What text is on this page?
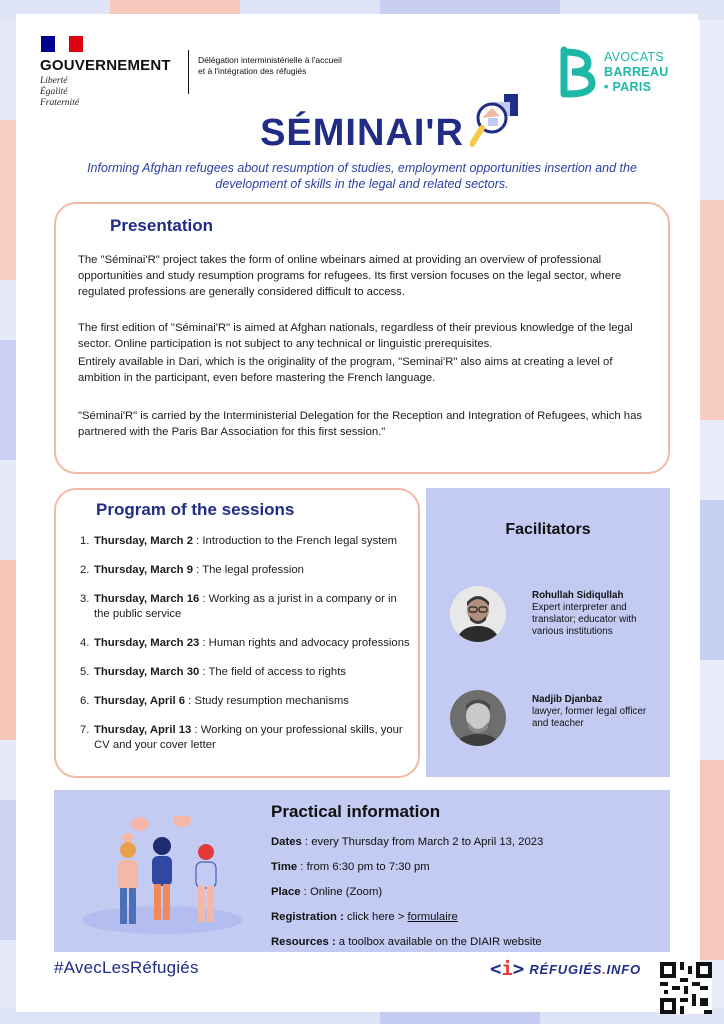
GOUVERNEMENT
Liberté
Égalité
Fraternité
Délégation interministérielle à l'accueil et à l'intégration des réfugiés
AVOCATS
BARREAU
• PARIS
SÉMINAI'R
Informing Afghan refugees about resumption of studies, employment opportunities insertion and the development of skills in the legal and related sectors.
Presentation
The "Séminai'R" project takes the form of online wbeinars aimed at providing an overview of professional opportunities and study resumption programs for refugees. Its first version focuses on the legal sector, where regulated professions are generally considered difficult to access.
The first edition of "Séminai'R" is aimed at Afghan nationals, regardless of their previous knowledge of the legal sector. Online participation is not subject to any technical or linguistic prerequisites.
Entirely available in Dari, which is the originality of the program, "Seminai'R" also aims at creating a level of ambition in the participant, even before mastering the French language.
"Séminai'R" is carried by the Interministerial Delegation for the Reception and Integration of Refugees, which has partnered with the Paris Bar Association for this first session."
Program of the sessions
1. Thursday, March 2 : Introduction to the French legal system
2. Thursday, March 9 : The legal profession
3. Thursday, March 16 : Working as a jurist in a company or in the public service
4. Thursday, March 23 : Human rights and advocacy professions
5. Thursday, March 30 : The field of access to rights
6. Thursday, April 6 : Study resumption mechanisms
7. Thursday, April 13 : Working on your professional skills, your CV and your cover letter
Facilitators
Rohullah Sidiqullah
Expert interpreter and translator; educator with various institutions
Nadjib Djanbaz
lawyer, former legal officer and teacher
Practical information
Dates : every Thursday from March 2 to April 13, 2023
Time : from 6:30 pm to 7:30 pm
Place : Online (Zoom)
Registration : click here > formulaire
Resources : a toolbox available on the DIAIR website
#AvecLesRéfugiés	<i> RÉFUGIÉS.INFO
